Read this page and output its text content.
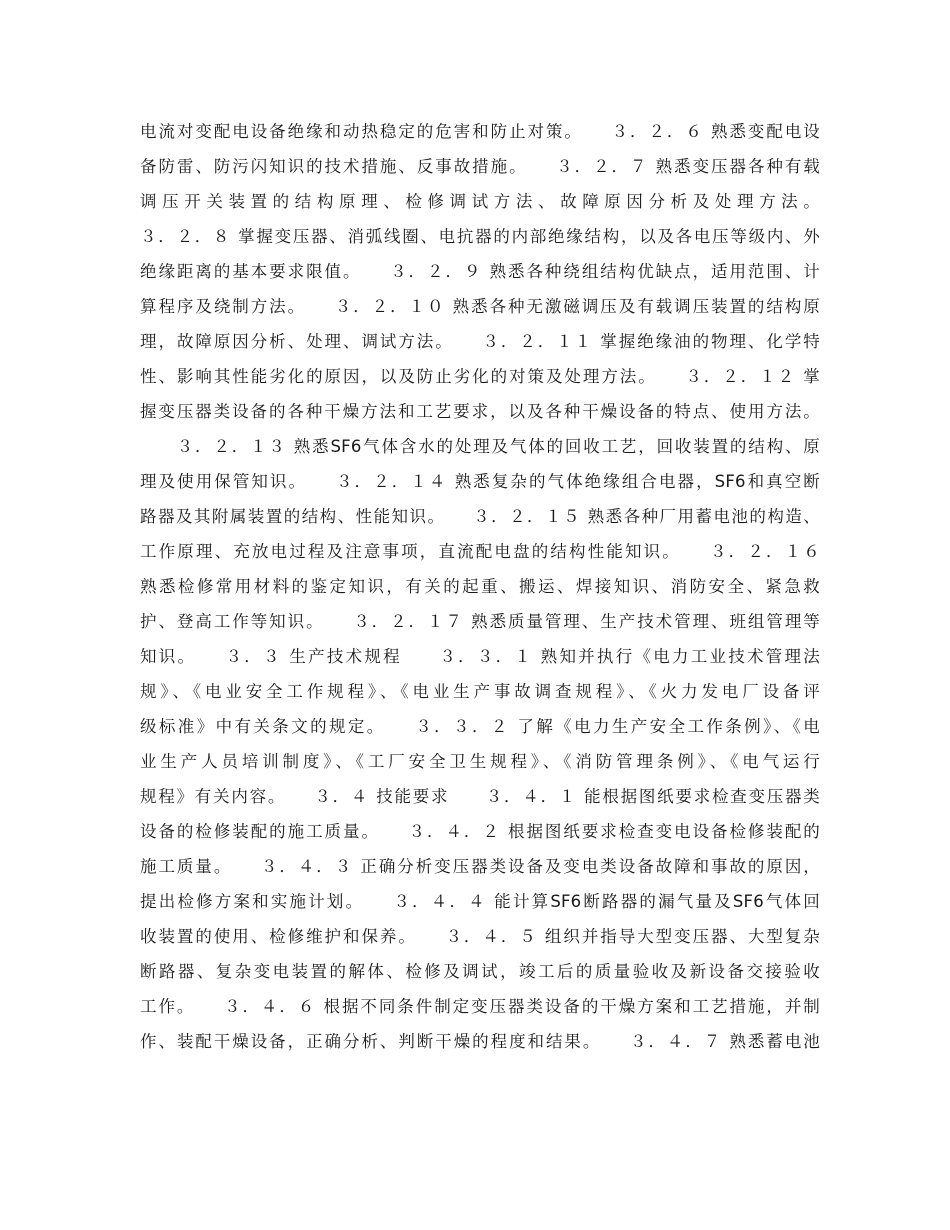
电流对变配电设备绝缘和动热稳定的危害和防止对策。　　３．２．６ 熟悉变配电设
备防雷、防污闪知识的技术措施、反事故措施。　　３．２．７ 熟悉变压器各种有载
调压开关装置的结构原理、检修调试方法、故障原因分析及处理方法。
３．２．８ 掌握变压器、消弧线圈、电抗器的内部绝缘结构，以及各电压等级内、外
绝缘距离的基本要求限值。　　３．２．９ 熟悉各种绕组结构优缺点，适用范围、计
算程序及绕制方法。　　３．２．１０ 熟悉各种无激磁调压及有载调压装置的结构原
理，故障原因分析、处理、调试方法。　　３．２．１１ 掌握绝缘油的物理、化学特
性、影响其性能劣化的原因，以及防止劣化的对策及处理方法。　　３．２．１２ 掌
握变压器类设备的各种干燥方法和工艺要求，以及各种干燥设备的特点、使用方法。
　　３．２．１３ 熟悉SF6气体含水的处理及气体的回收工艺，回收装置的结构、原
理及使用保管知识。　　３．２．１４ 熟悉复杂的气体绝缘组合电器，SF6和真空断
路器及其附属装置的结构、性能知识。　　３．２．１５ 熟悉各种厂用蓄电池的构造、
工作原理、充放电过程及注意事项，直流配电盘的结构性能知识。　　３．２．１６
熟悉检修常用材料的鉴定知识，有关的起重、搬运、焊接知识、消防安全、紧急救
护、登高工作等知识。　　３．２．１７ 熟悉质量管理、生产技术管理、班组管理等
知识。　　３．３ 生产技术规程　　３．３．１ 熟知并执行《电力工业技术管理法
规》、《电业安全工作规程》、《电业生产事故调查规程》、《火力发电厂设备评
级标准》中有关条文的规定。　　３．３．２ 了解《电力生产安全工作条例》、《电
业生产人员培训制度》、《工厂安全卫生规程》、《消防管理条例》、《电气运行
规程》有关内容。　　３．４ 技能要求　　３．４．１ 能根据图纸要求检查变压器类
设备的检修装配的施工质量。　　３．４．２ 根据图纸要求检查变电设备检修装配的
施工质量。　　３．４．３ 正确分析变压器类设备及变电类设备故障和事故的原因，
提出检修方案和实施计划。　　３．４．４ 能计算SF6断路器的漏气量及SF6气体回
收装置的使用、检修维护和保养。　　３．４．５ 组织并指导大型变压器、大型复杂
断路器、复杂变电装置的解体、检修及调试，竣工后的质量验收及新设备交接验收
工作。　　３．４．６ 根据不同条件制定变压器类设备的干燥方案和工艺措施，并制
作、装配干燥设备，正确分析、判断干燥的程度和结果。　　３．４．７ 熟悉蓄电池
